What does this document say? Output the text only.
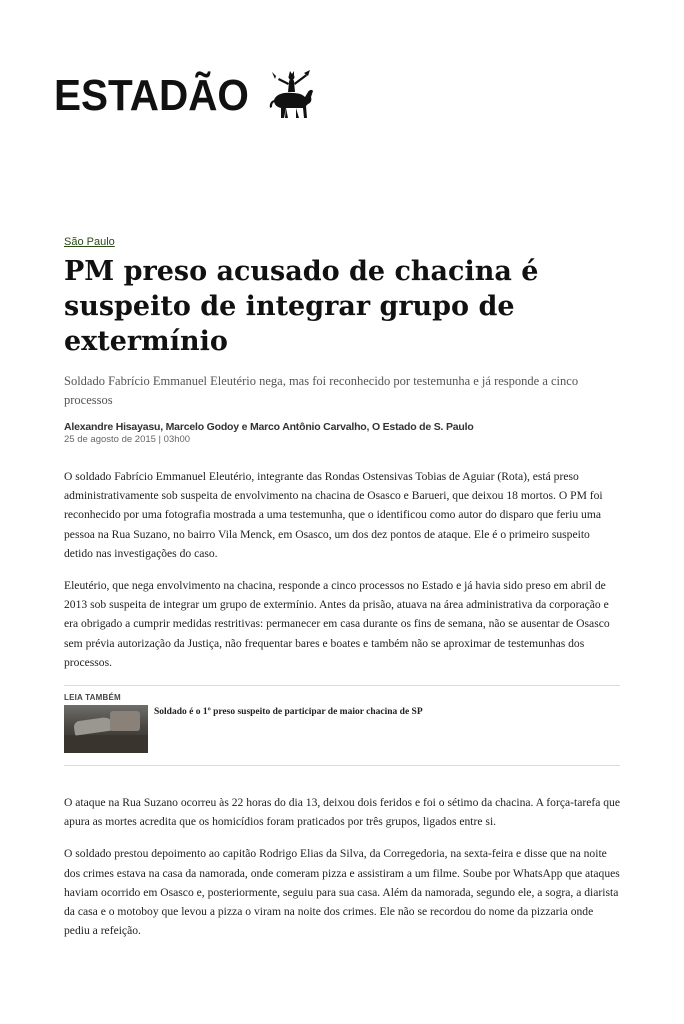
ESTADÃO
São Paulo
PM preso acusado de chacina é suspeito de integrar grupo de extermínio

Soldado Fabrício Emmanuel Eleutério nega, mas foi reconhecido por testemunha e já responde a cinco processos

Alexandre Hisayasu, Marcelo Godoy e Marco Antônio Carvalho, O Estado de S. Paulo
25 de agosto de 2015 | 03h00

O soldado Fabrício Emmanuel Eleutério, integrante das Rondas Ostensivas Tobias de Aguiar (Rota), está preso administrativamente sob suspeita de envolvimento na chacina de Osasco e Barueri, que deixou 18 mortos. O PM foi reconhecido por uma fotografia mostrada a uma testemunha, que o identificou como autor do disparo que feriu uma pessoa na Rua Suzano, no bairro Vila Menck, em Osasco, um dos dez pontos de ataque. Ele é o primeiro suspeito detido nas investigações do caso.

Eleutério, que nega envolvimento na chacina, responde a cinco processos no Estado e já havia sido preso em abril de 2013 sob suspeita de integrar um grupo de extermínio. Antes da prisão, atuava na área administrativa da corporação e era obrigado a cumprir medidas restritivas: permanecer em casa durante os fins de semana, não se ausentar de Osasco sem prévia autorização da Justiça, não frequentar bares e boates e também não se aproximar de testemunhas dos processos.

LEIA TAMBÉM
Soldado é o 1º preso suspeito de participar de maior chacina de SP

O ataque na Rua Suzano ocorreu às 22 horas do dia 13, deixou dois feridos e foi o sétimo da chacina. A força-tarefa que apura as mortes acredita que os homicídios foram praticados por três grupos, ligados entre si.

O soldado prestou depoimento ao capitão Rodrigo Elias da Silva, da Corregedoria, na sexta-feira e disse que na noite dos crimes estava na casa da namorada, onde comeram pizza e assistiram a um filme. Soube por WhatsApp que ataques haviam ocorrido em Osasco e, posteriormente, seguiu para sua casa. Além da namorada, segundo ele, a sogra, a diarista da casa e o motoboy que levou a pizza o viram na noite dos crimes. Ele não se recordou do nome da pizzaria onde pediu a refeição.
